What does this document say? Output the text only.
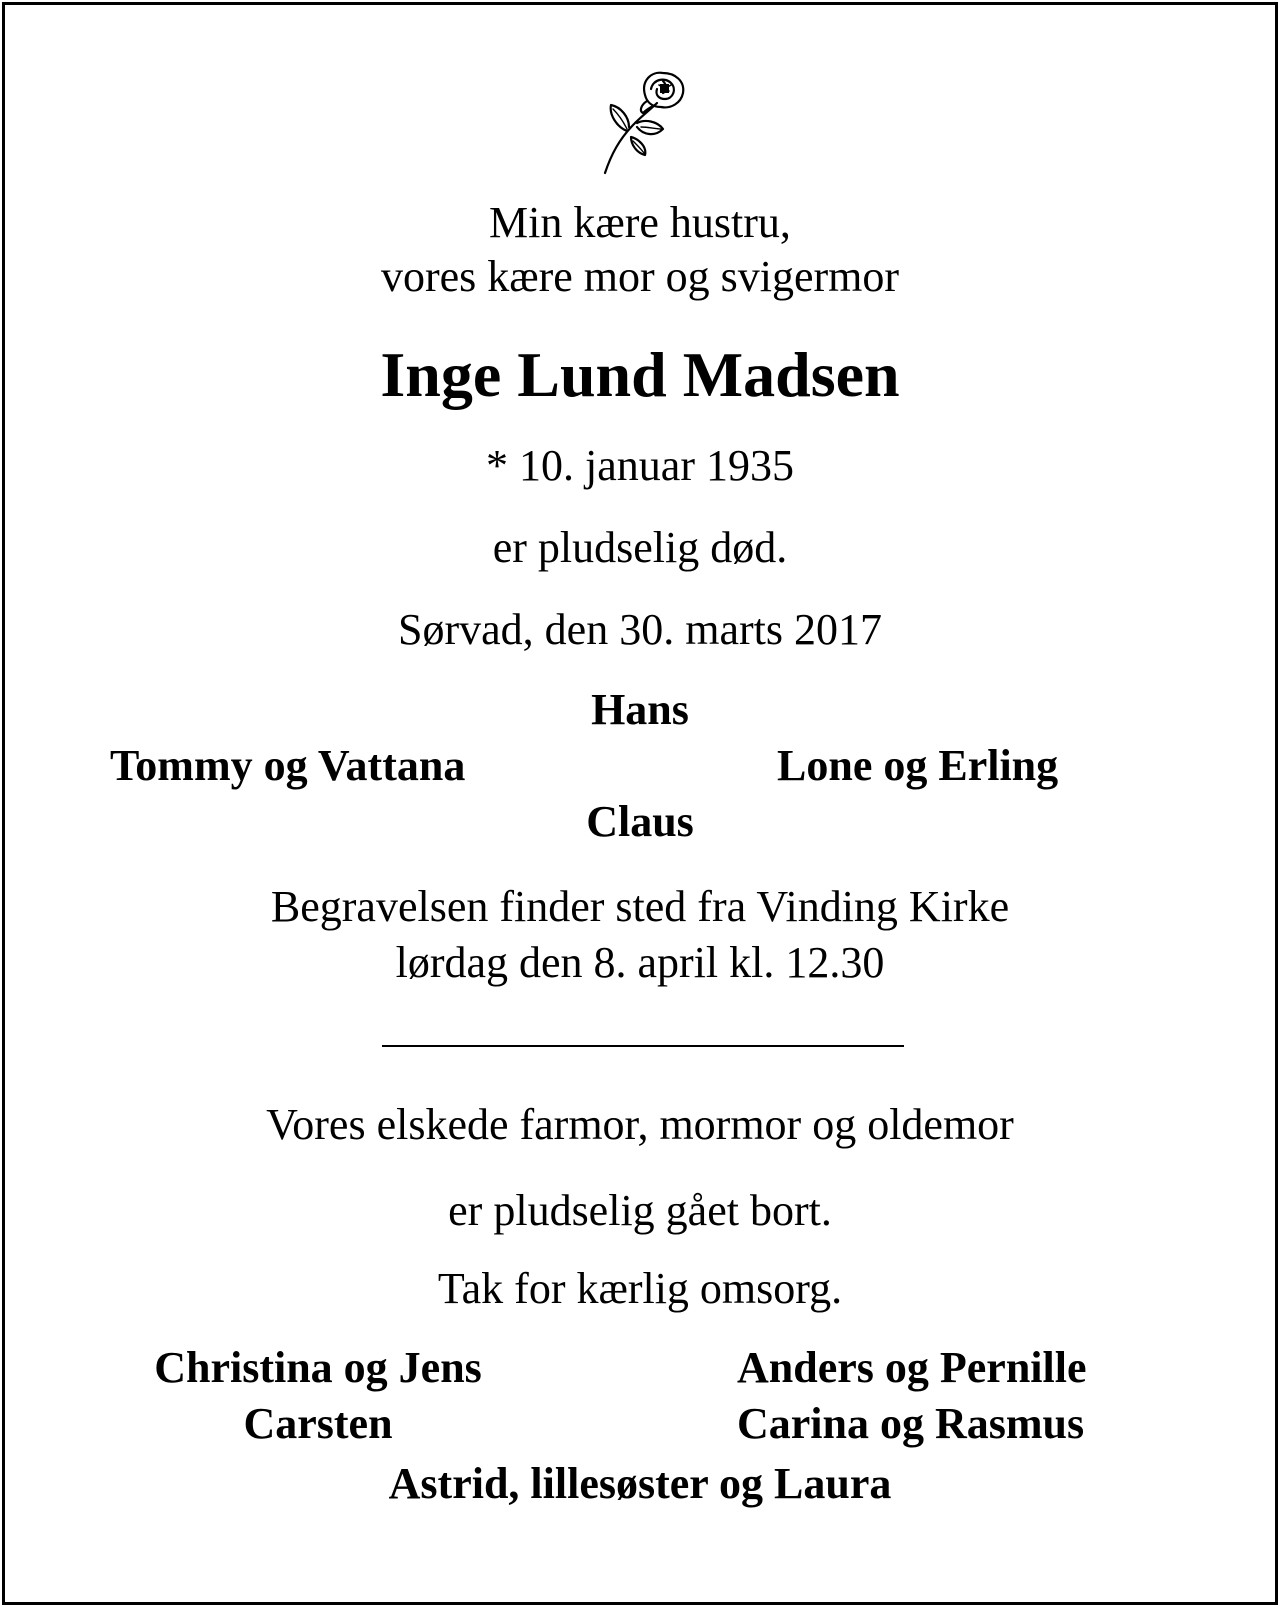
Min kære hustru,
vores kære mor og svigermor
Inge Lund Madsen
* 10. januar 1935
er pludselig død.
Sørvad, den 30. marts 2017
Hans
Tommy og Vattana	Lone og Erling
Claus
Begravelsen finder sted fra Vinding Kirke
lørdag den 8. april kl. 12.30
Vores elskede farmor, mormor og oldemor
er pludselig gået bort.
Tak for kærlig omsorg.
Christina og Jens	Anders og Pernille
Carsten	Carina og Rasmus
Astrid, lillesøster og Laura
